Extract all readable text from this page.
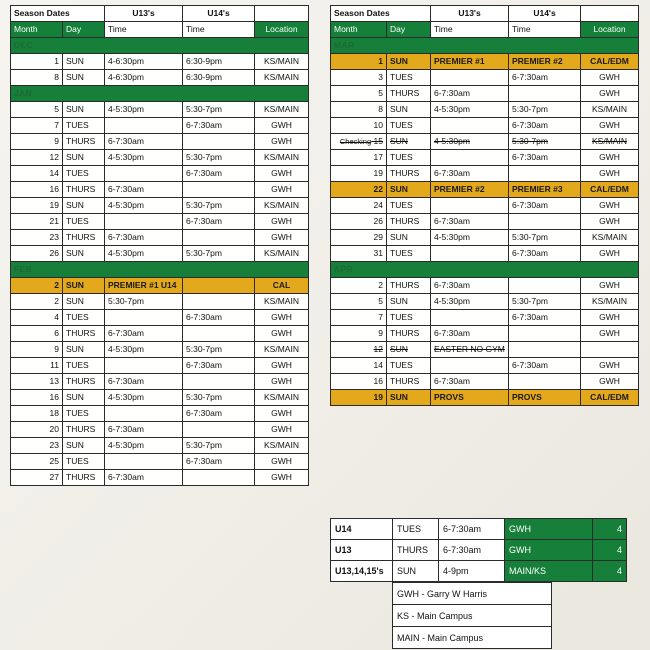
Season Dates		U13's	U14's	
Month	Day	Time	Time	Location
DEC				
1	SUN	4-6:30pm	6:30-9pm	KS/MAIN
8	SUN	4-6:30pm	6:30-9pm	KS/MAIN
JAN				
5	SUN	4-5:30pm	5:30-7pm	KS/MAIN
7	TUES		6-7:30am	GWH
9	THURS	6-7:30am		GWH
12	SUN	4-5:30pm	5:30-7pm	KS/MAIN
14	TUES		6-7:30am	GWH
16	THURS	6-7:30am		GWH
19	SUN	4-5:30pm	5:30-7pm	KS/MAIN
21	TUES		6-7:30am	GWH
23	THURS	6-7:30am		GWH
26	SUN	4-5:30pm	5:30-7pm	KS/MAIN
FEB				
2	SUN	PREMIER #1 U14		CAL
2	SUN	5:30-7pm		KS/MAIN
4	TUES		6-7:30am	GWH
6	THURS	6-7:30am		GWH
9	SUN	4-5:30pm	5:30-7pm	KS/MAIN
11	TUES		6-7:30am	GWH
13	THURS	6-7:30am		GWH
16	SUN	4-5:30pm	5:30-7pm	KS/MAIN
18	TUES		6-7:30am	GWH
20	THURS	6-7:30am		GWH
23	SUN	4-5:30pm	5:30-7pm	KS/MAIN
25	TUES		6-7:30am	GWH
27	THURS	6-7:30am		GWH
Season Dates		U13's	U14's	
Month	Day	Time	Time	Location
MAR				
1	SUN	PREMIER #1	PREMIER #2	CAL/EDM
3	TUES		6-7:30am	GWH
5	THURS	6-7:30am		GWH
8	SUN	4-5:30pm	5:30-7pm	KS/MAIN
10	TUES		6-7:30am	GWH
Checking 15	SUN	4-5:30pm	5:30-7pm	KS/MAIN
17	TUES		6-7:30am	GWH
19	THURS	6-7:30am		GWH
22	SUN	PREMIER #2	PREMIER #3	CAL/EDM
24	TUES		6-7:30am	GWH
26	THURS	6-7:30am		GWH
29	SUN	4-5:30pm	5:30-7pm	KS/MAIN
31	TUES		6-7:30am	GWH
APR				
2	THURS	6-7:30am		GWH
5	SUN	4-5:30pm	5:30-7pm	KS/MAIN
7	TUES		6-7:30am	GWH
9	THURS	6-7:30am		GWH
12	SUN	EASTER NO GYM		
14	TUES		6-7:30am	GWH
16	THURS	6-7:30am		GWH
19	SUN	PROVS	PROVS	CAL/EDM
U14	TUES	6-7:30am	GWH	4
U13	THURS	6-7:30am	GWH	4
U13,14,15's	SUN	4-9pm	MAIN/KS	4
GWH - Garry W Harris
KS - Main Campus
MAIN - Main Campus
